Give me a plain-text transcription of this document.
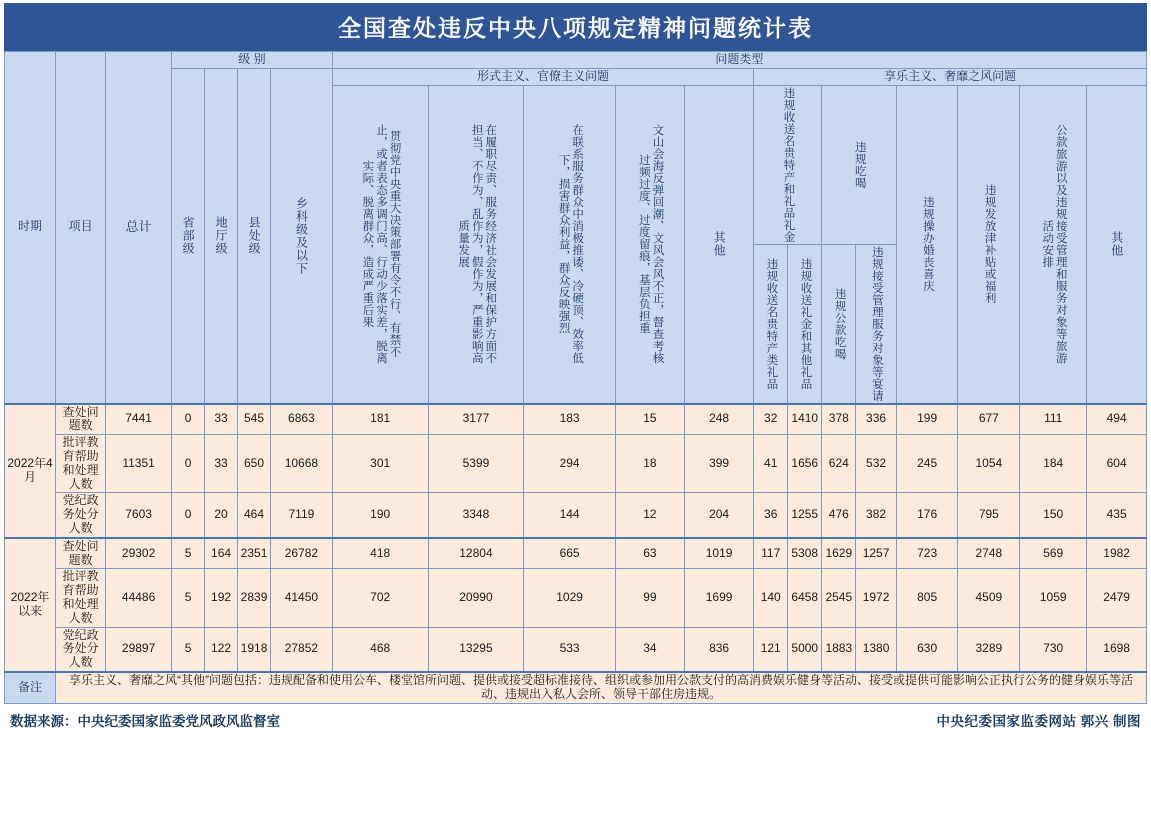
全国查处违反中央八项规定精神问题统计表
时期	项目	总计	级 别				问题类型												

			省部级	地厅级	县处级	乡科级及以下	形式主义、官僚主义问题					享乐主义、奢靡之风问题							

							贯彻党中央重大决策部署有令不行、有禁不止，或者表态多调门高、行动少落实差，脱离实际、脱离群众，造成严重后果	在履职尽责、服务经济社会发展和保护方面不担当、不作为、乱作为，假作为，严重影响高质量发展	在联系服务群众中消极推诿、冷硬顶、效率低下，损害群众利益，群众反映强烈	文山会海反弹回潮、文风会风不正，督查考核过频过度、过度留痕，基层负担重	其他	违规收送名贵特产和礼品礼金		违规吃喝		违规操办婚丧喜庆	违规发放津补贴或福利	公款旅游以及违规接受管理和服务对象等旅游活动安排	其他

												违规收送名贵特产类礼品	违规收送礼金和其他礼品	违规公款吃喝	违规接受管理服务对象等宴请				

2022年4月	查处问题数	7441	0	33	545	6863	181	3177	183	15	248	32	1410	378	336	199	677	111	494
	批评教育帮助和处理人数	11351	0	33	650	10668	301	5399	294	18	399	41	1656	624	532	245	1054	184	604
	党纪政务处分人数	7603	0	20	464	7119	190	3348	144	12	204	36	1255	476	382	176	795	150	435
2022年以来	查处问题数	29302	5	164	2351	26782	418	12804	665	63	1019	117	5308	1629	1257	723	2748	569	1982
	批评教育帮助和处理人数	44486	5	192	2839	41450	702	20990	1029	99	1699	140	6458	2545	1972	805	4509	1059	2479
	党纪政务处分人数	29897	5	122	1918	27852	468	13295	533	34	836	121	5000	1883	1380	630	3289	730	1698
备注	享乐主义、奢靡之风“其他”问题包括：违规配备和使用公车、楼堂馆所问题、提供或接受超标准接待、组织或参加用公款支付的高消费娱乐健身等活动、接受或提供可能影响公正执行公务的健身娱乐等活动、违规出入私人会所、领导干部住房违规。																		
数据来源：中央纪委国家监委党风政风监督室	中央纪委国家监委网站 郭兴 制图
